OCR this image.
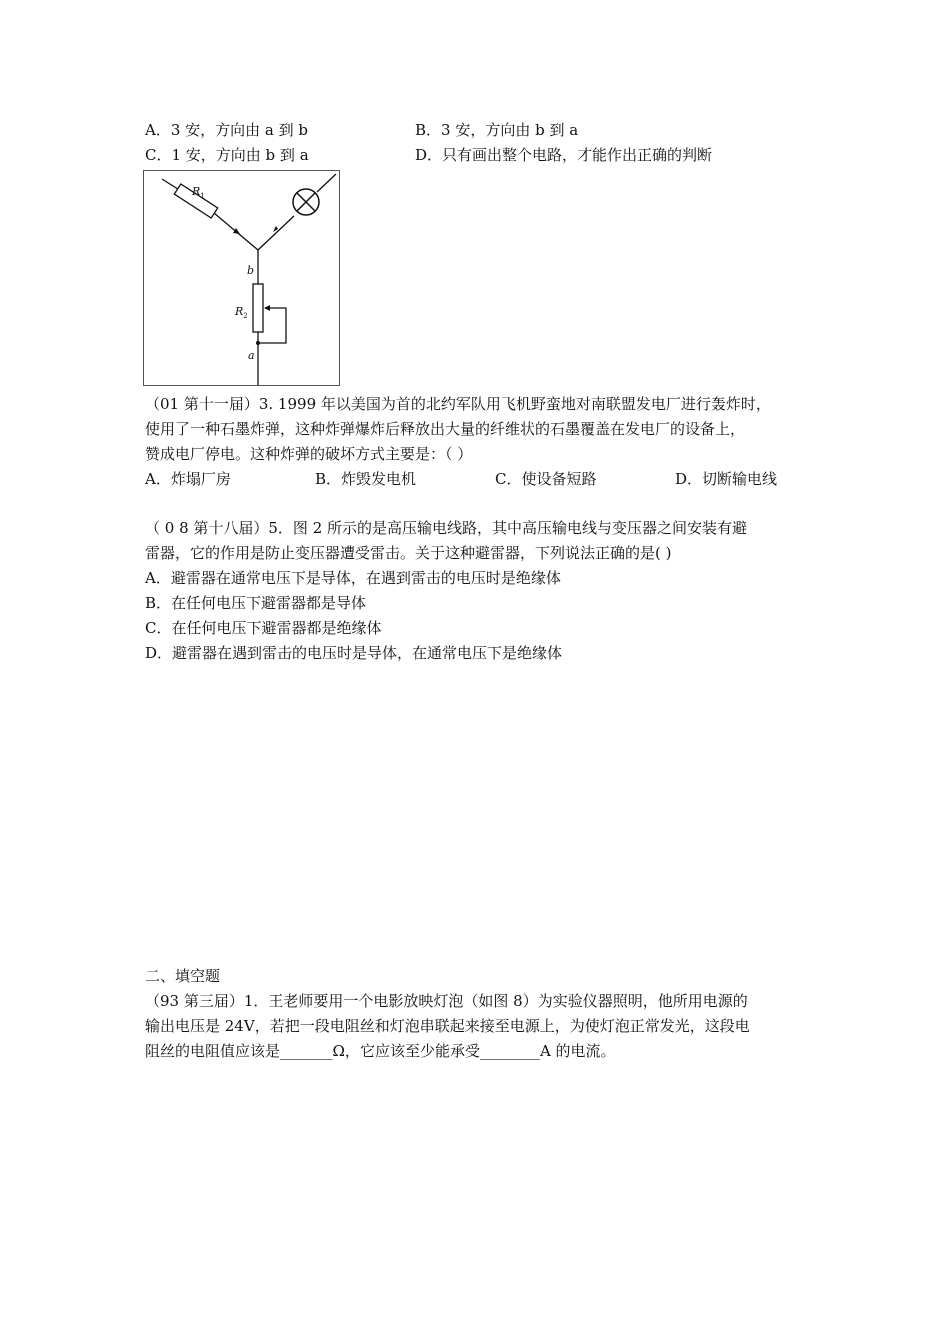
A．3 安，方向由 a 到 b	B．3 安，方向由 b 到 a
C．1 安，方向由 b 到 a	D．只有画出整个电路，才能作出正确的判断
$R_1$
b
$R_2$
a
（01 第十一届）3. 1999 年以美国为首的北约军队用飞机野蛮地对南联盟发电厂进行轰炸时，
使用了一种石墨炸弹，这种炸弹爆炸后释放出大量的纤维状的石墨覆盖在发电厂的设备上，
赞成电厂停电。这种炸弹的破坏方式主要是：（ ）
A．炸塌厂房	B．炸毁发电机	C．使设备短路	D．切断输电线
（ 0 8 第十八届）5．图 2 所示的是高压输电线路，其中高压输电线与变压器之间安装有避
雷器，它的作用是防止变压器遭受雷击。关于这种避雷器，下列说法正确的是( )
A．避雷器在通常电压下是导体，在遇到雷击的电压时是绝缘体
B．在任何电压下避雷器都是导体
C．在任何电压下避雷器都是绝缘体
D．避雷器在遇到雷击的电压时是导体，在通常电压下是绝缘体
二、填空题
（93 第三届）1．王老师要用一个电影放映灯泡（如图 8）为实验仪器照明，他所用电源的
输出电压是 24V，若把一段电阻丝和灯泡串联起来接至电源上，为使灯泡正常发光，这段电
阻丝的电阻值应该是_______Ω，它应该至少能承受________A 的电流。
